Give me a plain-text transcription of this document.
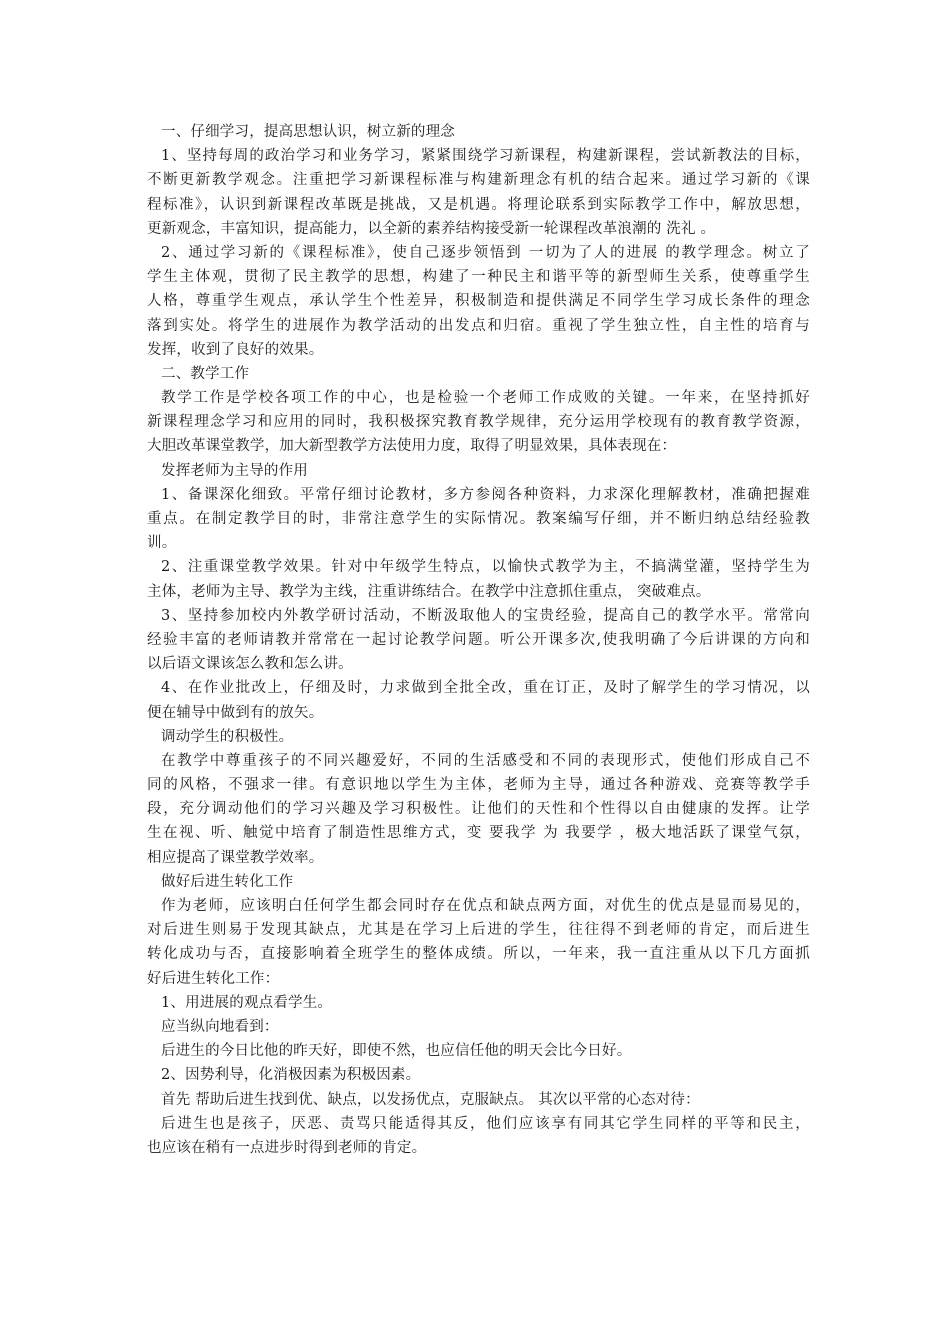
一、仔细学习，提高思想认识，树立新的理念
1、坚持每周的政治学习和业务学习，紧紧围绕学习新课程，构建新课程，尝试新教法的目标，
不断更新教学观念。注重把学习新课程标准与构建新理念有机的结合起来。通过学习新的《课
程标准》，认识到新课程改革既是挑战，又是机遇。将理论联系到实际教学工作中，解放思想，
更新观念，丰富知识，提高能力，以全新的素养结构接受新一轮课程改革浪潮的 洗礼 。
2、通过学习新的《课程标准》，使自己逐步领悟到 一切为了人的进展 的教学理念。树立了
学生主体观，贯彻了民主教学的思想，构建了一种民主和谐平等的新型师生关系，使尊重学生
人格，尊重学生观点，承认学生个性差异，积极制造和提供满足不同学生学习成长条件的理念
落到实处。将学生的进展作为教学活动的出发点和归宿。重视了学生独立性，自主性的培育与
发挥，收到了良好的效果。
二、教学工作
教学工作是学校各项工作的中心，也是检验一个老师工作成败的关键。一年来，在坚持抓好
新课程理念学习和应用的同时，我积极探究教育教学规律，充分运用学校现有的教育教学资源，
大胆改革课堂教学，加大新型教学方法使用力度，取得了明显效果，具体表现在：
发挥老师为主导的作用
1、备课深化细致。平常仔细讨论教材，多方参阅各种资料，力求深化理解教材，准确把握难
重点。在制定教学目的时，非常注意学生的实际情况。教案编写仔细，并不断归纳总结经验教
训。
2、注重课堂教学效果。针对中年级学生特点，以愉快式教学为主，不搞满堂灌，坚持学生为
主体，老师为主导、教学为主线，注重讲练结合。在教学中注意抓住重点， 突破难点。
3、坚持参加校内外教学研讨活动，不断汲取他人的宝贵经验，提高自己的教学水平。常常向
经验丰富的老师请教并常常在一起讨论教学问题。听公开课多次,使我明确了今后讲课的方向和
以后语文课该怎么教和怎么讲。
4、在作业批改上，仔细及时，力求做到全批全改，重在订正，及时了解学生的学习情况，以
便在辅导中做到有的放矢。
调动学生的积极性。
在教学中尊重孩子的不同兴趣爱好，不同的生活感受和不同的表现形式，使他们形成自己不
同的风格，不强求一律。有意识地以学生为主体，老师为主导，通过各种游戏、竞赛等教学手
段，充分调动他们的学习兴趣及学习积极性。让他们的天性和个性得以自由健康的发挥。让学
生在视、听、触觉中培育了制造性思维方式，变 要我学 为 我要学 ，极大地活跃了课堂气氛，
相应提高了课堂教学效率。
做好后进生转化工作
作为老师，应该明白任何学生都会同时存在优点和缺点两方面，对优生的优点是显而易见的，
对后进生则易于发现其缺点，尤其是在学习上后进的学生，往往得不到老师的肯定，而后进生
转化成功与否，直接影响着全班学生的整体成绩。所以，一年来，我一直注重从以下几方面抓
好后进生转化工作：
1、用进展的观点看学生。
应当纵向地看到：
后进生的今日比他的昨天好，即使不然，也应信任他的明天会比今日好。
2、因势利导，化消极因素为积极因素。
首先 帮助后进生找到优、缺点，以发扬优点，克服缺点。 其次以平常的心态对待：
后进生也是孩子，厌恶、责骂只能适得其反，他们应该享有同其它学生同样的平等和民主，
也应该在稍有一点进步时得到老师的肯定。
